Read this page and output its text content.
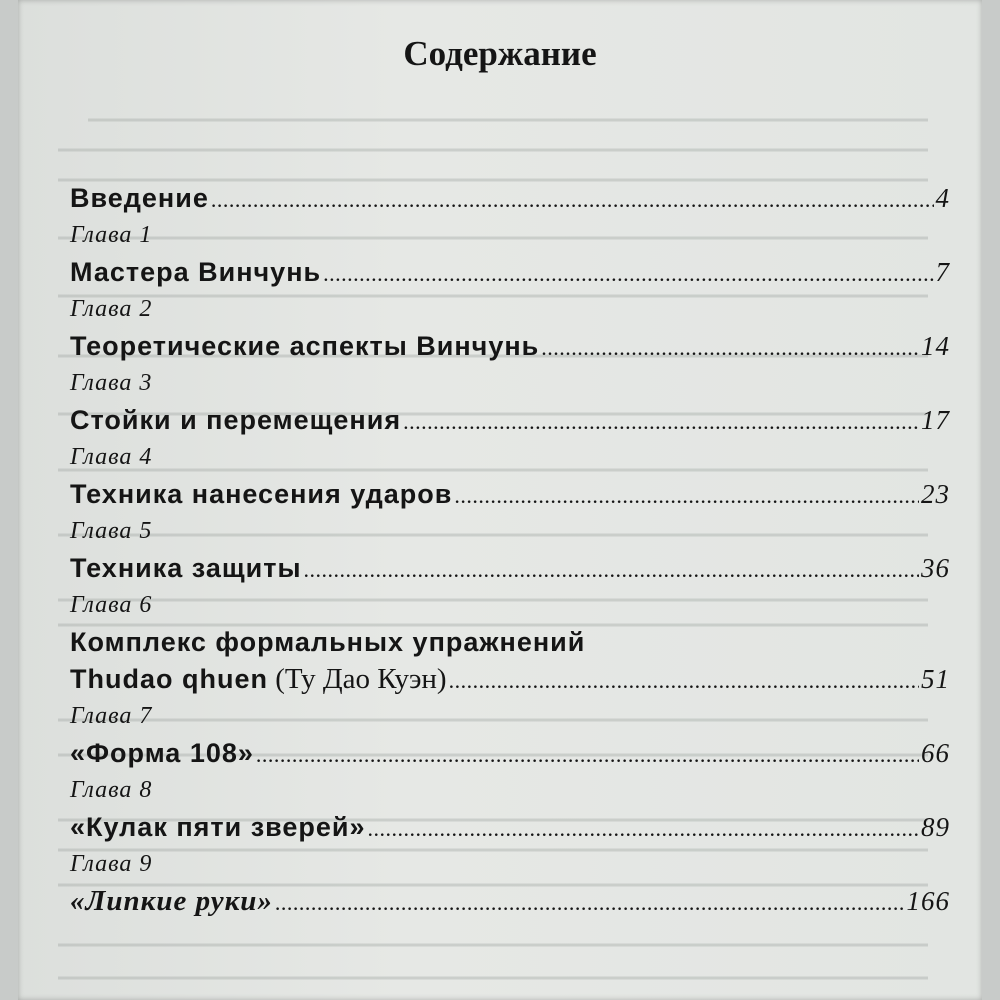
Содержание
Введение .....	4
Глава 1
Мастера Винчунь .....	7
Глава 2
Теоретические аспекты Винчунь .....	14
Глава 3
Стойки и перемещения .....	17
Глава 4
Техника нанесения ударов .....	23
Глава 5
Техника защиты .....	36
Глава 6
Комплекс формальных упражнений
Thudao qhuen (Ту Дао Куэн) .....	51
Глава 7
«Форма 108» .....	66
Глава 8
«Кулак пяти зверей» .....	89
Глава 9
«Липкие руки» .....	166
